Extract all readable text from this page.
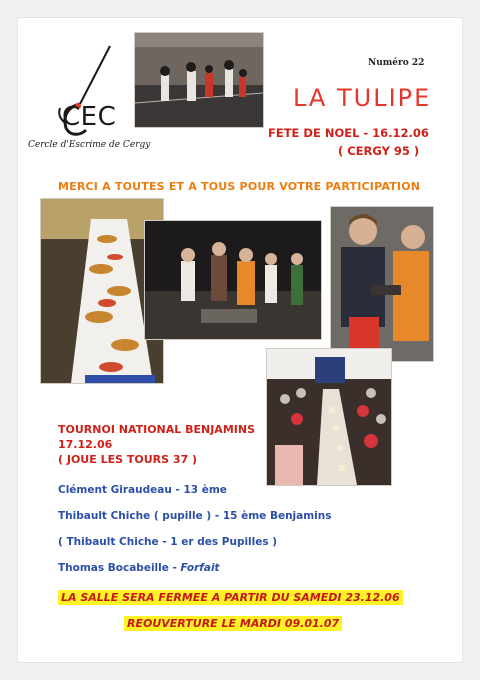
CEC
Cercle d'Escrime de Cergy
Numéro 22
LA TULIPE
FETE DE NOEL - 16.12.06
( CERGY 95 )
MERCI A TOUTES ET A TOUS POUR VOTRE PARTICIPATION
TOURNOI NATIONAL BENJAMINS
17.12.06
( JOUE LES TOURS 37 )
Clément Giraudeau - 13 ème
Thibault Chiche ( pupille ) - 15 ème Benjamins
( Thibault Chiche - 1 er des Pupilles )
Thomas Bocabeille - Forfait
LA SALLE SERA FERMEE A PARTIR DU SAMEDI 23.12.06
REOUVERTURE LE MARDI 09.01.07
